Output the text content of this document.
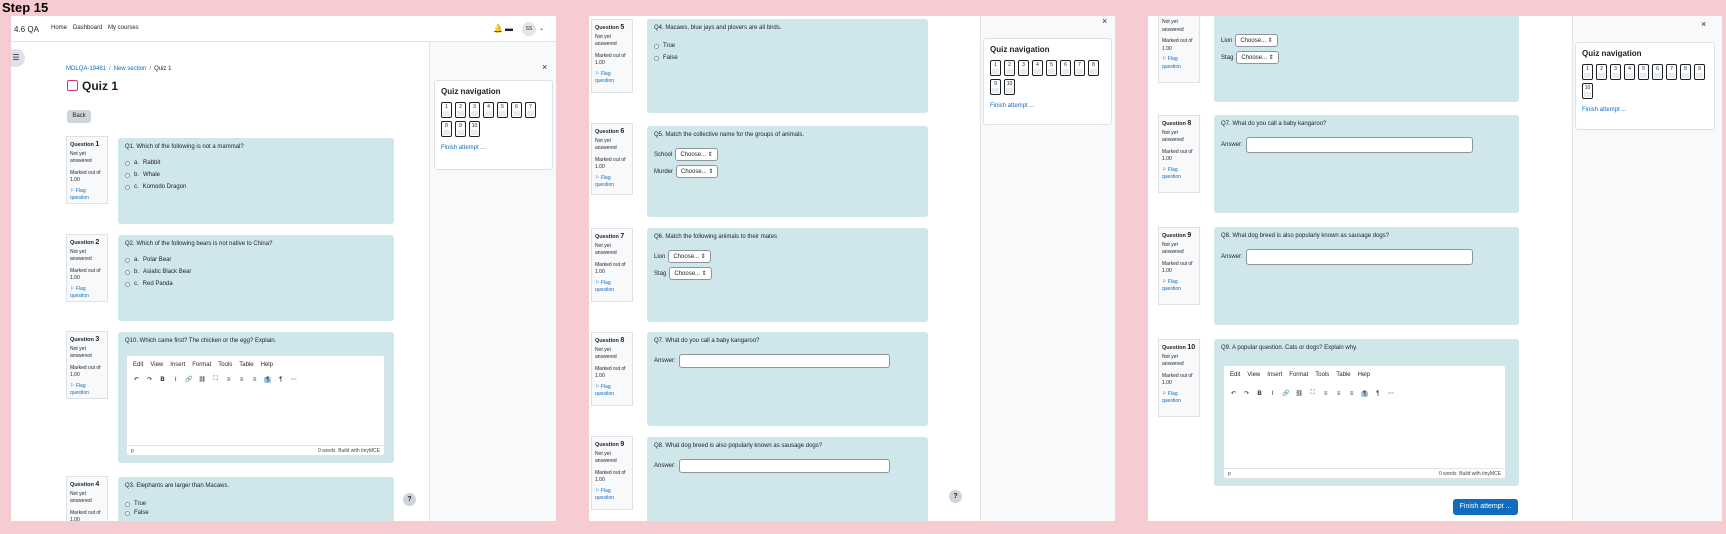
Step 15
4.6 QA Home Dashboard My courses	🔔 ▬	SS	⌄
☰
MDLQA-19461 / New section / Quiz 1
Quiz 1
Back
Question 1
Not yet answered
Marked out of 1.00
⚐ Flag question
Q1. Which of the following is not a mammal?
a. Rabbit
b. Whale
c. Komodo Dragon
Question 2
Not yet answered
Marked out of 1.00
⚐ Flag question
Q2. Which of the following bears is not native to China?
a. Polar Bear
b. Asiatic Black Bear
c. Red Panda
Question 3
Not yet answered
Marked out of 1.00
⚐ Flag question
Q10. Which came first? The chicken or the egg? Explain.
Edit View Insert Format Tools Table Help
↶ ↷ B	I	🔗 ⛓ ⛶ ≡ ≡ ≡	¶	¶	⋯
p	0 words Build with tinyMCE
Question 4
Not yet answered
Marked out of 1.00
Q3. Elephants are larger than Macaws.
True
False
×
Quiz navigation
1	2	3	4	5	6	7
8	9	10
Finish attempt ...
?
Question 5
Not yet answered
Marked out of 1.00
⚐ Flag question
Q4. Macaws, blue jays and plovers are all birds.
True
False
Question 6
Not yet answered
Marked out of 1.00
⚐ Flag question
Q5. Match the collective name for the groups of animals.
School	Choose... ⇕
Murder	Choose... ⇕
Question 7
Not yet answered
Marked out of 1.00
⚐ Flag question
Q6. Match the following animals to their mates
Lion	Choose... ⇕
Stag	Choose... ⇕
Question 8
Not yet answered
Marked out of 1.00
⚐ Flag question
Q7. What do you call a baby kangaroo?
Answer:
Question 9
Not yet answered
Marked out of 1.00
⚐ Flag question
Q8. What dog breed is also popularly known as sausage dogs?
Answer:
?
×
Quiz navigation
1	2	3	4	5	6	7	8
9	10
Finish attempt ...
Not yet answered
Marked out of 1.00
⚐ Flag question
Lion	Choose... ⇕
Stag	Choose... ⇕
Question 8
Not yet answered
Marked out of 1.00
⚐ Flag question
Q7. What do you call a baby kangaroo?
Answer:
Question 9
Not yet answered
Marked out of 1.00
⚐ Flag question
Q8. What dog breed is also popularly known as sausage dogs?
Answer:
Question 10
Not yet answered
Marked out of 1.00
⚐ Flag question
Q9. A popular question. Cats or dogs? Explain why.
Edit View Insert Format Tools Table Help
↶ ↷ B	I	🔗 ⛓ ⛶ ≡ ≡ ≡	¶	¶	⋯
p	0 words Build with tinyMCE
Finish attempt ...
×
Quiz navigation
1	2	3	4	5	6	7	8	9
10
Finish attempt ...
